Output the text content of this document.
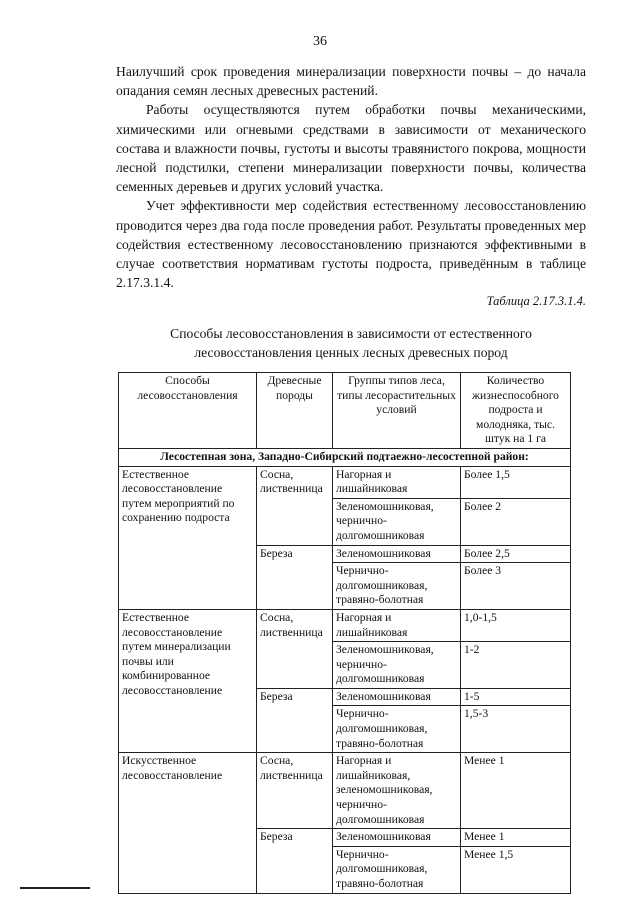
36

Наилучший срок проведения минерализации поверхности почвы – до начала опадания семян лесных древесных растений.

Работы осуществляются путем обработки почвы механическими, химическими или огневыми средствами в зависимости от механического состава и влажности почвы, густоты и высоты травянистого покрова, мощности лесной подстилки, степени минерализации поверхности почвы, количества семенных деревьев и других условий участка.

Учет эффективности мер содействия естественному лесовосстановлению проводится через два года после проведения работ. Результаты проведенных мер содействия естественному лесовосстановлению признаются эффективными в случае соответствия нормативам густоты подроста, приведённым в таблице 2.17.3.1.4.

Таблица 2.17.3.1.4.
Способы лесовосстановления в зависимости от естественного лесовосстановления ценных лесных древесных пород
Способы лесовосстановления	Древесные породы	Группы типов леса, типы лесорастительных условий	Количество жизнеспособного подроста и молодняка, тыс. штук на 1 га
Лесостепная зона, Западно-Сибирский подтаежно-лесостепной район:			
Естественное лесовосстановление путем мероприятий по сохранению подроста	Сосна, лиственница	Нагорная и лишайниковая	Более 1,5
		Зеленомошниковая, чернично-долгомошниковая	Более 2
	Береза	Зеленомошниковая	Более 2,5
		Чернично-долгомошниковая, травяно-болотная	Более 3
Естественное лесовосстановление путем минерализации почвы или комбинированное лесовосстановление	Сосна, лиственница	Нагорная и лишайниковая	1,0-1,5
		Зеленомошниковая, чернично-долгомошниковая	1-2
	Береза	Зеленомошниковая	1-5
		Чернично-долгомошниковая, травяно-болотная	1,5-3
Искусственное лесовосстановление	Сосна, лиственница	Нагорная и лишайниковая, зеленомошниковая, чернично-долгомошниковая	Менее 1
	Береза	Зеленомошниковая	Менее 1
		Чернично-долгомошниковая, травяно-болотная	Менее 1,5
